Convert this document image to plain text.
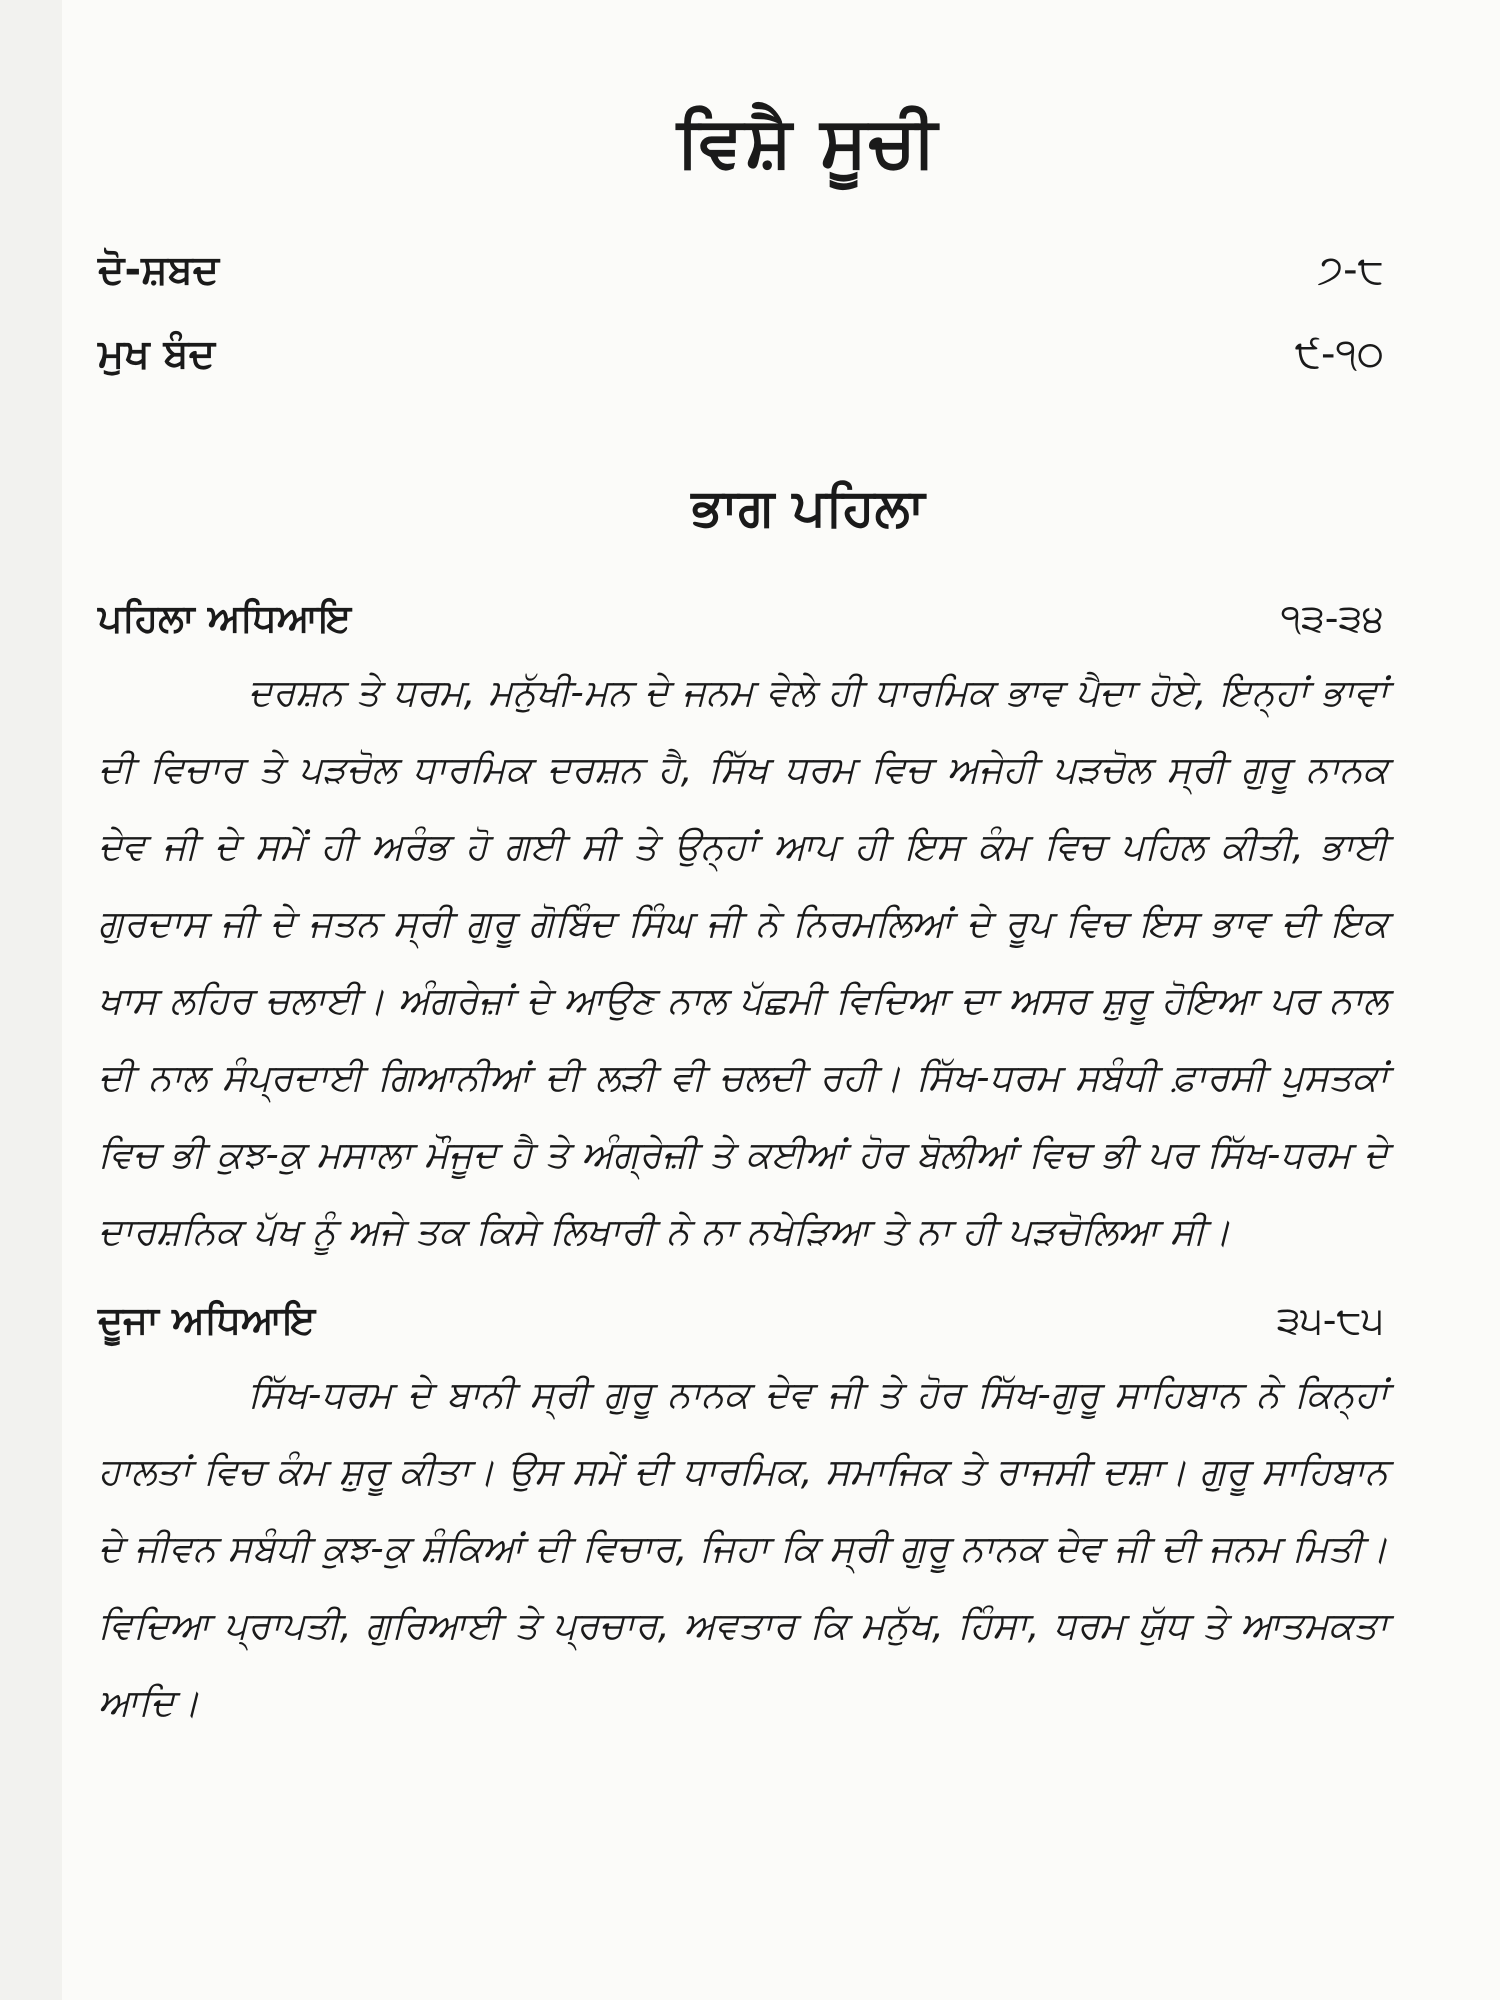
ਵਿਸ਼ੈ ਸੂਚੀ
ਦੋ-ਸ਼ਬਦ	੭-੮
ਮੁਖ ਬੰਦ	੯-੧੦
ਭਾਗ ਪਹਿਲਾ
ਪਹਿਲਾ ਅਧਿਆਇ	੧੩-੩੪

ਦਰਸ਼ਨ ਤੇ ਧਰਮ, ਮਨੁੱਖੀ-ਮਨ ਦੇ ਜਨਮ ਵੇਲੇ ਹੀ ਧਾਰਮਿਕ ਭਾਵ ਪੈਦਾ ਹੋਏ, ਇਨ੍ਹਾਂ ਭਾਵਾਂ ਦੀ ਵਿਚਾਰ ਤੇ ਪੜਚੋਲ ਧਾਰਮਿਕ ਦਰਸ਼ਨ ਹੈ, ਸਿੱਖ ਧਰਮ ਵਿਚ ਅਜੇਹੀ ਪੜਚੋਲ ਸ੍ਰੀ ਗੁਰੂ ਨਾਨਕ ਦੇਵ ਜੀ ਦੇ ਸਮੇਂ ਹੀ ਅਰੰਭ ਹੋ ਗਈ ਸੀ ਤੇ ਉਨ੍ਹਾਂ ਆਪ ਹੀ ਇਸ ਕੰਮ ਵਿਚ ਪਹਿਲ ਕੀਤੀ, ਭਾਈ ਗੁਰਦਾਸ ਜੀ ਦੇ ਜਤਨ ਸ੍ਰੀ ਗੁਰੂ ਗੋਬਿੰਦ ਸਿੰਘ ਜੀ ਨੇ ਨਿਰਮਲਿਆਂ ਦੇ ਰੂਪ ਵਿਚ ਇਸ ਭਾਵ ਦੀ ਇਕ ਖਾਸ ਲਹਿਰ ਚਲਾਈ। ਅੰਗਰੇਜ਼ਾਂ ਦੇ ਆਉਣ ਨਾਲ ਪੱਛਮੀ ਵਿਦਿਆ ਦਾ ਅਸਰ ਸ਼ੁਰੂ ਹੋਇਆ ਪਰ ਨਾਲ ਦੀ ਨਾਲ ਸੰਪ੍ਰਦਾਈ ਗਿਆਨੀਆਂ ਦੀ ਲੜੀ ਵੀ ਚਲਦੀ ਰਹੀ। ਸਿੱਖ-ਧਰਮ ਸਬੰਧੀ ਫ਼ਾਰਸੀ ਪੁਸਤਕਾਂ ਵਿਚ ਭੀ ਕੁਝ-ਕੁ ਮਸਾਲਾ ਮੌਜੂਦ ਹੈ ਤੇ ਅੰਗ੍ਰੇਜ਼ੀ ਤੇ ਕਈਆਂ ਹੋਰ ਬੋਲੀਆਂ ਵਿਚ ਭੀ ਪਰ ਸਿੱਖ-ਧਰਮ ਦੇ ਦਾਰਸ਼ਨਿਕ ਪੱਖ ਨੂੰ ਅਜੇ ਤਕ ਕਿਸੇ ਲਿਖਾਰੀ ਨੇ ਨਾ ਨਖੇੜਿਆ ਤੇ ਨਾ ਹੀ ਪੜਚੋਲਿਆ ਸੀ।

ਦੂਜਾ ਅਧਿਆਇ	੩੫-੮੫

ਸਿੱਖ-ਧਰਮ ਦੇ ਬਾਨੀ ਸ੍ਰੀ ਗੁਰੂ ਨਾਨਕ ਦੇਵ ਜੀ ਤੇ ਹੋਰ ਸਿੱਖ-ਗੁਰੂ ਸਾਹਿਬਾਨ ਨੇ ਕਿਨ੍ਹਾਂ ਹਾਲਤਾਂ ਵਿਚ ਕੰਮ ਸ਼ੁਰੂ ਕੀਤਾ। ਉਸ ਸਮੇਂ ਦੀ ਧਾਰਮਿਕ, ਸਮਾਜਿਕ ਤੇ ਰਾਜਸੀ ਦਸ਼ਾ। ਗੁਰੂ ਸਾਹਿਬਾਨ ਦੇ ਜੀਵਨ ਸਬੰਧੀ ਕੁਝ-ਕੁ ਸ਼ੰਕਿਆਂ ਦੀ ਵਿਚਾਰ, ਜਿਹਾ ਕਿ ਸ੍ਰੀ ਗੁਰੂ ਨਾਨਕ ਦੇਵ ਜੀ ਦੀ ਜਨਮ ਮਿਤੀ। ਵਿਦਿਆ ਪ੍ਰਾਪਤੀ, ਗੁਰਿਆਈ ਤੇ ਪ੍ਰਚਾਰ, ਅਵਤਾਰ ਕਿ ਮਨੁੱਖ, ਹਿੰਸਾ, ਧਰਮ ਯੁੱਧ ਤੇ ਆਤਮਕਤਾ ਆਦਿ।
